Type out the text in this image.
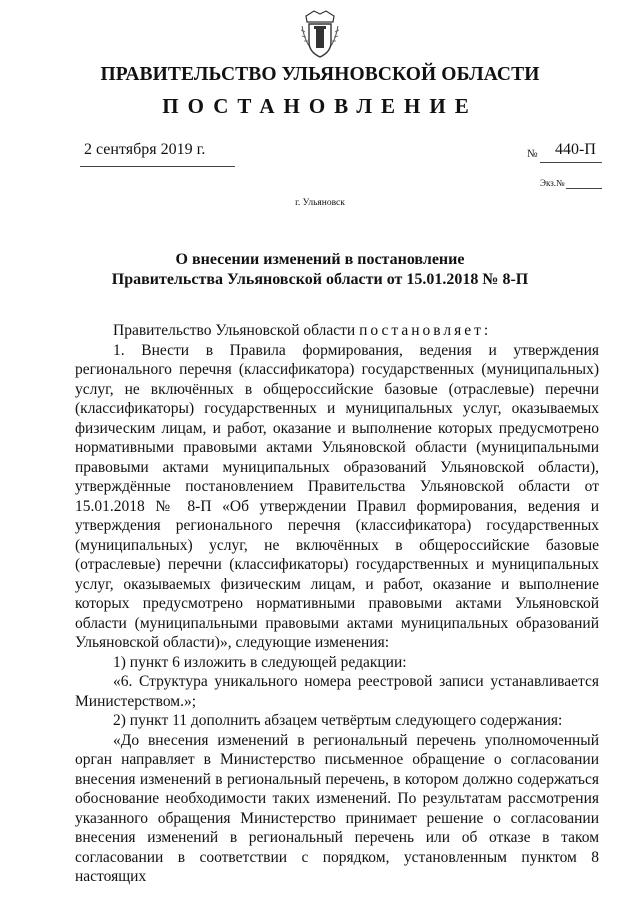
ПРАВИТЕЛЬСТВО УЛЬЯНОВСКОЙ ОБЛАСТИ
ПОСТАНОВЛЕНИЕ
2 сентября 2019 г.	№ 440-П
Экз.№
г. Ульяновск
О внесении изменений в постановление
Правительства Ульяновской области от 15.01.2018 № 8-П

Правительство Ульяновской области постановляет:

1. Внести в Правила формирования, ведения и утверждения регионального перечня (классификатора) государственных (муниципальных) услуг, не включённых в общероссийские базовые (отраслевые) перечни (классификаторы) государственных и муниципальных услуг, оказываемых физическим лицам, и работ, оказание и выполнение которых предусмотрено нормативными правовыми актами Ульяновской области (муниципальными правовыми актами муниципальных образований Ульяновской области), утверждённые постановлением Правительства Ульяновской области от 15.01.2018 № 8-П «Об утверждении Правил формирования, ведения и утверждения регионального перечня (классификатора) государственных (муниципальных) услуг, не включённых в общероссийские базовые (отраслевые) перечни (классификаторы) государственных и муниципальных услуг, оказываемых физическим лицам, и работ, оказание и выполнение которых предусмотрено нормативными правовыми актами Ульяновской области (муниципальными правовыми актами муниципальных образований Ульяновской области)», следующие изменения:

1) пункт 6 изложить в следующей редакции:

«6. Структура уникального номера реестровой записи устанавливается Министерством.»;

2) пункт 11 дополнить абзацем четвёртым следующего содержания:

«До внесения изменений в региональный перечень уполномоченный орган направляет в Министерство письменное обращение о согласовании внесения изменений в региональный перечень, в котором должно содержаться обоснование необходимости таких изменений. По результатам рассмотрения указанного обращения Министерство принимает решение о согласовании внесения изменений в региональный перечень или об отказе в таком согласовании в соответствии с порядком, установленным пунктом 8 настоящих
